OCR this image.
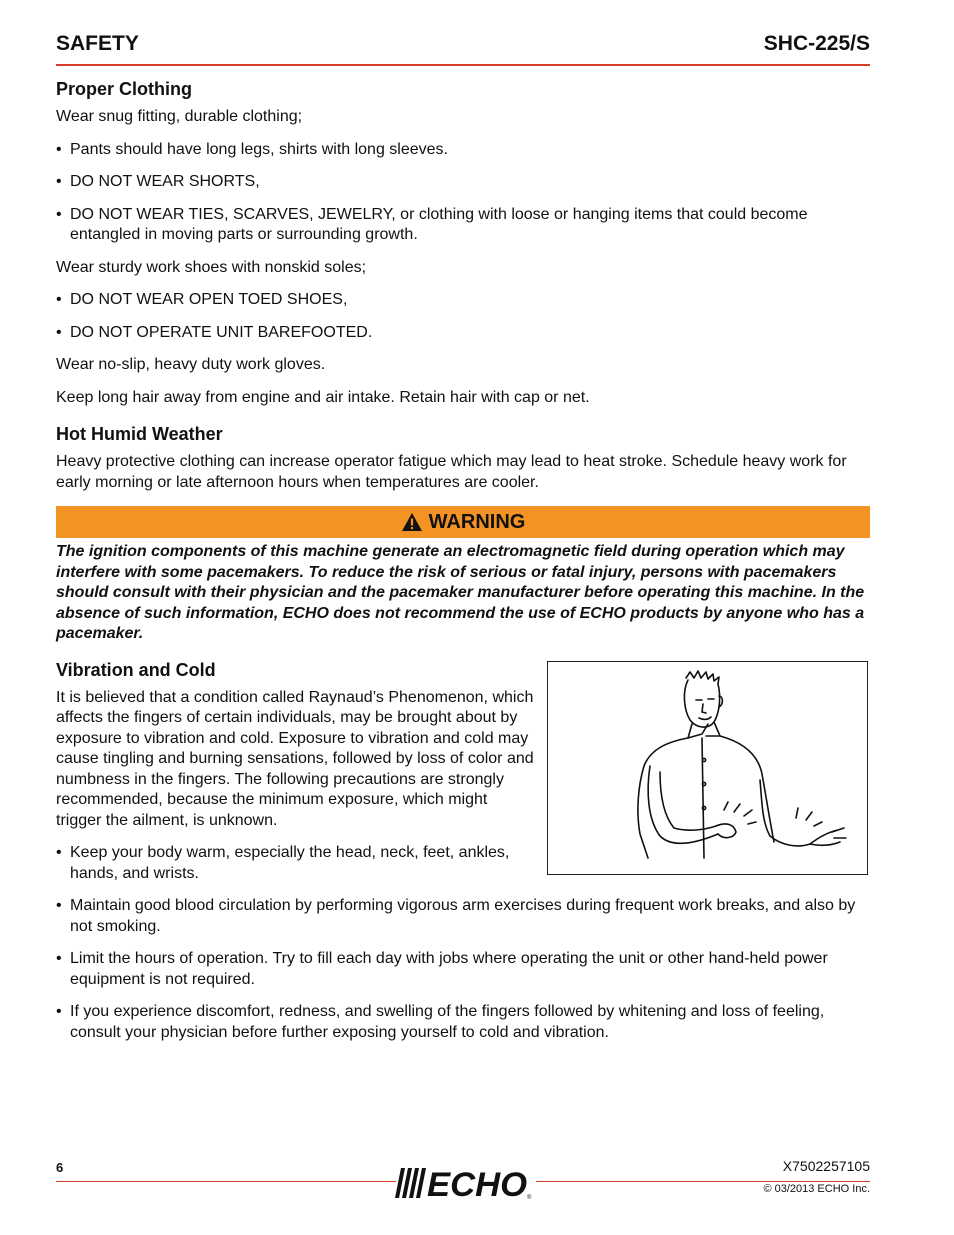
SAFETY	SHC-225/S
Proper Clothing

Wear snug fitting, durable clothing;

• Pants should have long legs, shirts with long sleeves.
• DO NOT WEAR SHORTS,
• DO NOT WEAR TIES, SCARVES, JEWELRY, or clothing with loose or hanging items that could become entangled in moving parts or surrounding growth.

Wear sturdy work shoes with nonskid soles;

• DO NOT WEAR OPEN TOED SHOES,
• DO NOT OPERATE UNIT BAREFOOTED.

Wear no-slip, heavy duty work gloves.

Keep long hair away from engine and air intake. Retain hair with cap or net.

Hot Humid Weather

Heavy protective clothing can increase operator fatigue which may lead to heat stroke. Schedule heavy work for early morning or late afternoon hours when temperatures are cooler.

WARNING

The ignition components of this machine generate an electromagnetic field during operation which may interfere with some pacemakers. To reduce the risk of serious or fatal injury, persons with pacemakers should consult with their physician and the pacemaker manufacturer before operating this machine. In the absence of such information, ECHO does not recommend the use of ECHO products by anyone who has a pacemaker.

Vibration and Cold

It is believed that a condition called Raynaud’s Phenomenon, which affects the fingers of certain individuals, may be brought about by exposure to vibration and cold. Exposure to vibration and cold may cause tingling and burning sensations, followed by loss of color and numbness in the fingers. The following precautions are strongly recommended, because the minimum exposure, which might trigger the ailment, is unknown.

• Keep your body warm, especially the head, neck, feet, ankles, hands, and wrists.
• Maintain good blood circulation by performing vigorous arm exercises during frequent work breaks, and also by not smoking.
• Limit the hours of operation. Try to fill each day with jobs where operating the unit or other hand-held power equipment is not required.
• If you experience discomfort, redness, and swelling of the fingers followed by whitening and loss of feeling, consult your physician before further exposing yourself to cold and vibration.
6	X7502257105
ECHO ®
© 03/2013 ECHO Inc.
